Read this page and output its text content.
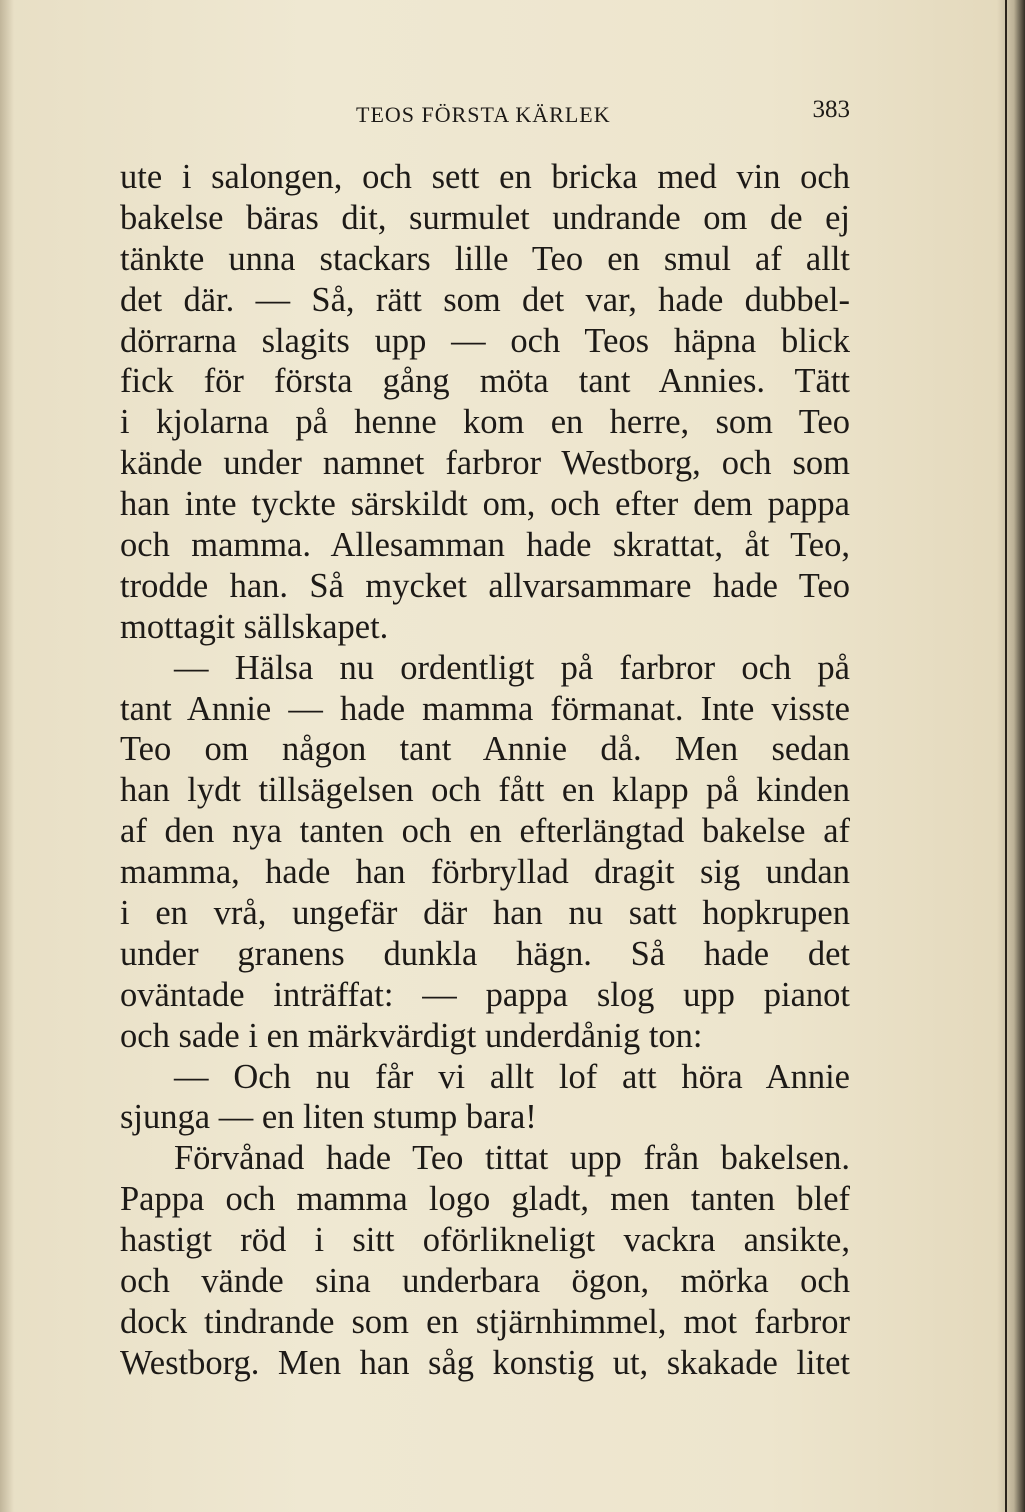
TEOS FÖRSTA KÄRLEK	383
ute i salongen, och sett en bricka med vin och
bakelse bäras dit, surmulet undrande om de ej
tänkte unna stackars lille Teo en smul af allt
det där. — Så, rätt som det var, hade dubbel-
dörrarna slagits upp — och Teos häpna blick
fick för första gång möta tant Annies. Tätt
i kjolarna på henne kom en herre, som Teo
kände under namnet farbror Westborg, och som
han inte tyckte särskildt om, och efter dem pappa
och mamma. Allesamman hade skrattat, åt Teo,
trodde han. Så mycket allvarsammare hade Teo
mottagit sällskapet.
— Hälsa nu ordentligt på farbror och på
tant Annie — hade mamma förmanat. Inte visste
Teo om någon tant Annie då. Men sedan
han lydt tillsägelsen och fått en klapp på kinden
af den nya tanten och en efterlängtad bakelse af
mamma, hade han förbryllad dragit sig undan
i en vrå, ungefär där han nu satt hopkrupen
under granens dunkla hägn. Så hade det
oväntade inträffat: — pappa slog upp pianot
och sade i en märkvärdigt underdånig ton:
— Och nu får vi allt lof att höra Annie
sjunga — en liten stump bara!
Förvånad hade Teo tittat upp från bakelsen.
Pappa och mamma logo gladt, men tanten blef
hastigt röd i sitt oförlikneligt vackra ansikte,
och vände sina underbara ögon, mörka och
dock tindrande som en stjärnhimmel, mot farbror
Westborg. Men han såg konstig ut, skakade litet
